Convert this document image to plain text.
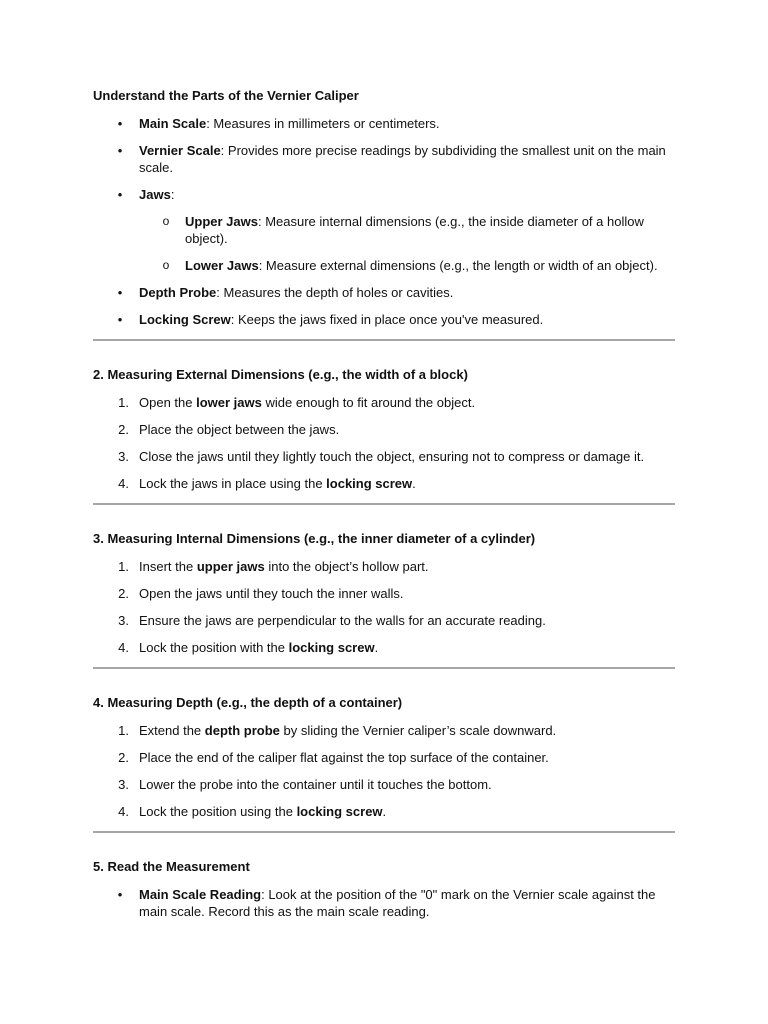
Understand the Parts of the Vernier Caliper

•	Main Scale: Measures in millimeters or centimeters.
•	Vernier Scale: Provides more precise readings by subdividing the smallest unit on the main scale.
•	Jaws:
o Upper Jaws: Measure internal dimensions (e.g., the inside diameter of a hollow object).
o Lower Jaws: Measure external dimensions (e.g., the length or width of an object).
•	Depth Probe: Measures the depth of holes or cavities.
•	Locking Screw: Keeps the jaws fixed in place once you've measured.

2. Measuring External Dimensions (e.g., the width of a block)

1. Open the lower jaws wide enough to fit around the object.
2. Place the object between the jaws.
3. Close the jaws until they lightly touch the object, ensuring not to compress or damage it.
4. Lock the jaws in place using the locking screw.

3. Measuring Internal Dimensions (e.g., the inner diameter of a cylinder)

1. Insert the upper jaws into the object’s hollow part.
2. Open the jaws until they touch the inner walls.
3. Ensure the jaws are perpendicular to the walls for an accurate reading.
4. Lock the position with the locking screw.

4. Measuring Depth (e.g., the depth of a container)

1. Extend the depth probe by sliding the Vernier caliper’s scale downward.
2. Place the end of the caliper flat against the top surface of the container.
3. Lower the probe into the container until it touches the bottom.
4. Lock the position using the locking screw.

5. Read the Measurement

•	Main Scale Reading: Look at the position of the "0" mark on the Vernier scale against the main scale. Record this as the main scale reading.
